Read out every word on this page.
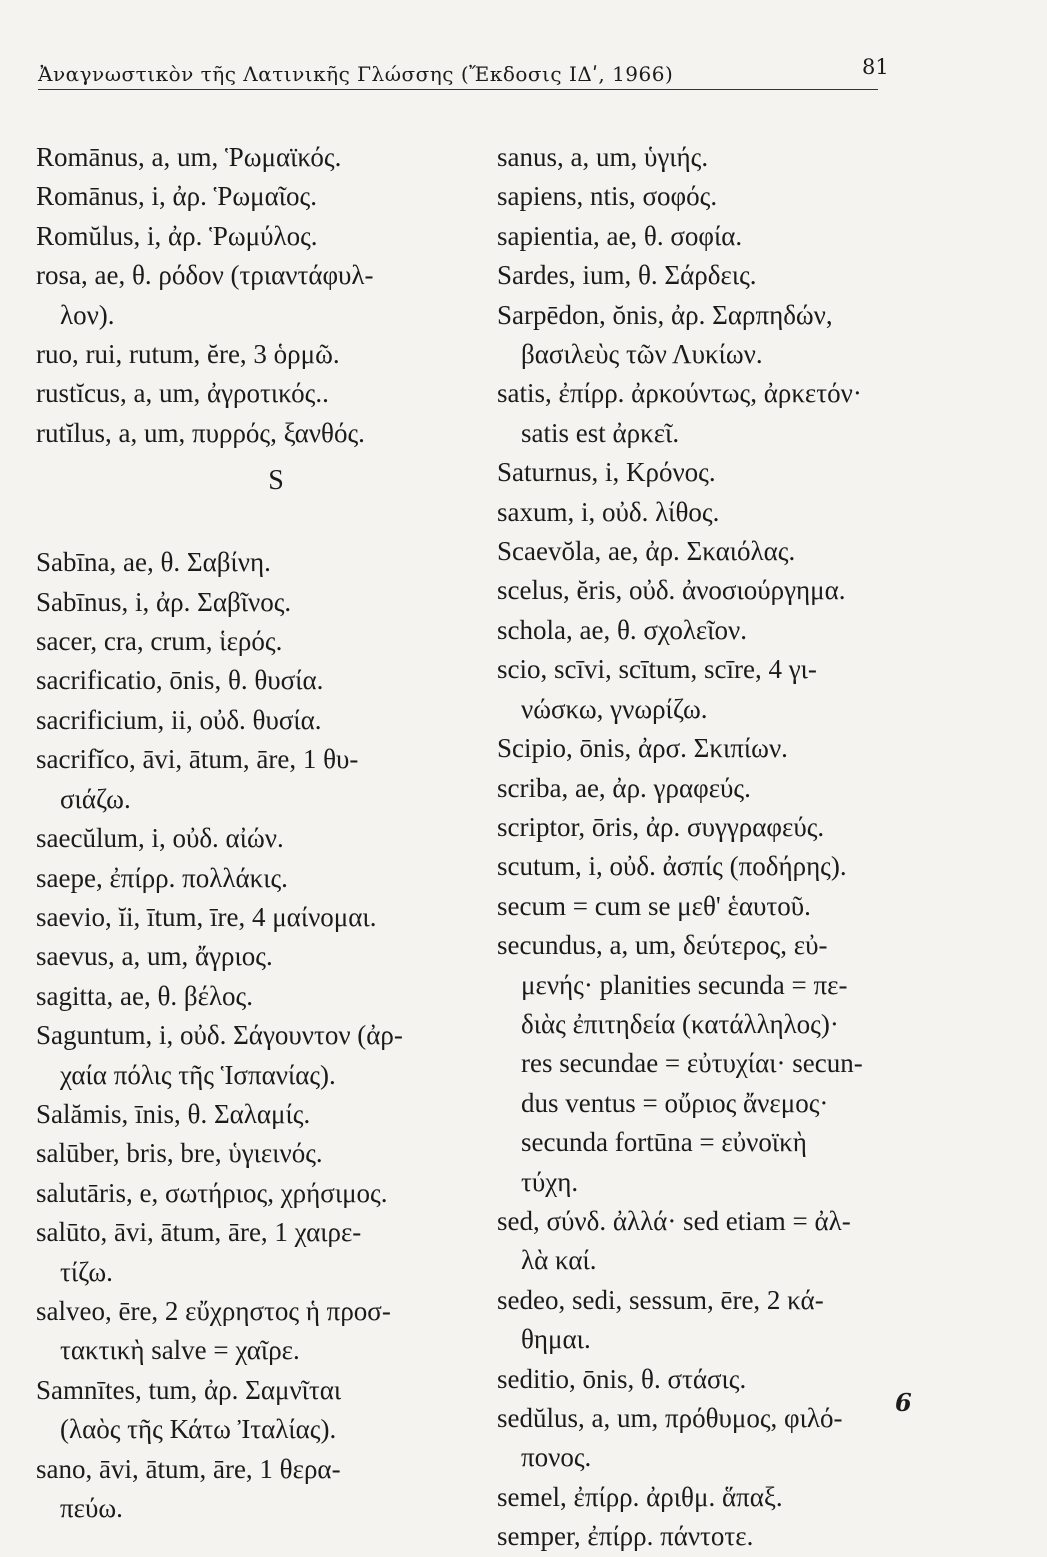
Ἀναγνωστικὸν τῆς Λατινικῆς Γλώσσης (Ἔκδοσις ΙΔʹ, 1966)	81
Romānus, a, um, Ῥωμαϊκός.
Romānus, i, ἀρ. Ῥωμαῖος.
Romŭlus, i, ἀρ. Ῥωμύλος.
rosa, ae, θ. ρόδον (τριαντάφυλ-
λον).
ruo, rui, rutum, ĕre, 3 ὁρμῶ.
rustĭcus, a, um, ἀγροτικός..
rutĭlus, a, um, πυρρός, ξανθός.
S
Sabīna, ae, θ. Σαβίνη.
Sabīnus, i, ἀρ. Σαβῖνος.
sacer, cra, crum, ἱερός.
sacrificatio, ōnis, θ. θυσία.
sacrificium, ii, οὐδ. θυσία.
sacrifĭco, āvi, ātum, āre, 1 θυ-
σιάζω.
saecŭlum, i, οὐδ. αἰών.
saepe, ἐπίρρ. πολλάκις.
saevio, ĭi, ītum, īre, 4 μαίνομαι.
saevus, a, um, ἄγριος.
sagitta, ae, θ. βέλος.
Saguntum, i, οὐδ. Σάγουντον (ἀρ-
χαία πόλις τῆς Ἱσπανίας).
Salămis, īnis, θ. Σαλαμίς.
salūber, bris, bre, ὑγιεινός.
salutāris, e, σωτήριος, χρήσιμος.
salūto, āvi, ātum, āre, 1 χαιρε-
τίζω.
salveo, ēre, 2 εὔχρηστος ἡ προσ-
τακτικὴ salve = χαῖρε.
Samnītes, tum, ἀρ. Σαμνῖται
(λαὸς τῆς Κάτω Ἰταλίας).
sano, āvi, ātum, āre, 1 θερα-
πεύω.
sanus, a, um, ὑγιής.
sapiens, ntis, σοφός.
sapientia, ae, θ. σοφία.
Sardes, ium, θ. Σάρδεις.
Sarpēdon, ŏnis, ἀρ. Σαρπηδών,
βασιλεὺς τῶν Λυκίων.
satis, ἐπίρρ. ἀρκούντως, ἀρκετόν·
satis est ἀρκεῖ.
Saturnus, i, Κρόνος.
saxum, i, οὐδ. λίθος.
Scaevŏla, ae, ἀρ. Σκαιόλας.
scelus, ĕris, οὐδ. ἀνοσιούργημα.
schola, ae, θ. σχολεῖον.
scio, scīvi, scītum, scīre, 4 γι-
νώσκω, γνωρίζω.
Scipio, ōnis, ἀρσ. Σκιπίων.
scriba, ae, ἀρ. γραφεύς.
scriptor, ōris, ἀρ. συγγραφεύς.
scutum, i, οὐδ. ἀσπίς (ποδήρης).
secum = cum se μεθ' ἑαυτοῦ.
secundus, a, um, δεύτερος, εὐ-
μενής· planities secunda = πε-
διὰς ἐπιτηδεία (κατάλληλος)·
res secundae = εὐτυχίαι· secun-
dus ventus = οὔριος ἄνεμος·
secunda fortūna = εὐνοϊκὴ
τύχη.
sed, σύνδ. ἀλλά· sed etiam = ἀλ-
λὰ καί.
sedeo, sedi, sessum, ēre, 2 κά-
θημαι.
seditio, ōnis, θ. στάσις.
sedŭlus, a, um, πρόθυμος, φιλό-
πονος.
semel, ἐπίρρ. ἀριθμ. ἅπαξ.
semper, ἐπίρρ. πάντοτε.
6
